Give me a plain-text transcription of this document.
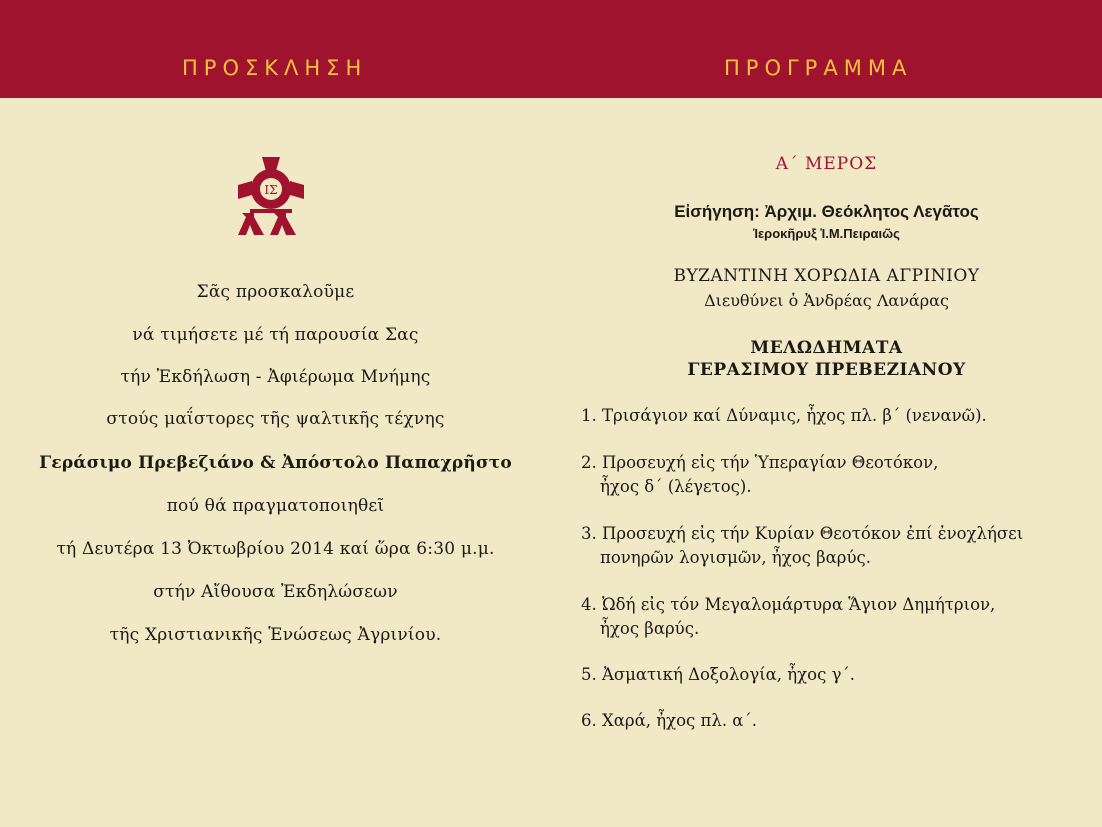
ΠΡΟΣΚΛΗΣΗ	ΠΡΟΓΡΑΜΜΑ
ΙΣ
Σᾶς προσκαλοῦμε
νά τιμήσετε μέ τή παρουσία Σας
τήν Ἐκδήλωση - Ἀφιέρωμα Μνήμης
στούς μαΐστορες τῆς ψαλτικῆς τέχνης
Γεράσιμο Πρεβεζιάνο & Ἀπόστολο Παπαχρῆστο
πού θά πραγματοποιηθεῖ
τή Δευτέρα 13 Ὀκτωβρίου 2014 καί ὥρα 6:30 μ.μ.
στήν Αἴθουσα Ἐκδηλώσεων
τῆς Χριστιανικῆς Ἑνώσεως Ἀγρινίου.
Α΄ ΜΕΡΟΣ
Εἰσήγηση: Ἀρχιμ. Θεόκλητος Λεγᾶτος
Ἱεροκῆρυξ Ἱ.Μ.Πειραιῶς
ΒΥΖΑΝΤΙΝΗ ΧΟΡΩΔΙΑ ΑΓΡΙΝΙΟΥ
Διευθύνει ὁ Ἀνδρέας Λανάρας
ΜΕΛΩΔΗΜΑΤΑ
ΓΕΡΑΣΙΜΟΥ ΠΡΕΒΕΖΙΑΝΟΥ
1. Τρισάγιον καί Δύναμις, ἦχος πλ. β΄ (νενανῶ).
2. Προσευχή εἰς τήν Ὑπεραγίαν Θεοτόκον,
ἦχος δ΄ (λέγετος).
3. Προσευχή εἰς τήν Κυρίαν Θεοτόκον ἐπί ἐνοχλήσει
πονηρῶν λογισμῶν, ἦχος βαρύς.
4. Ὠδή εἰς τόν Μεγαλομάρτυρα Ἅγιον Δημήτριον,
ἦχος βαρύς.
5. Ἀσματική Δοξολογία, ἦχος γ΄.
6. Χαρά, ἦχος πλ. α΄.
